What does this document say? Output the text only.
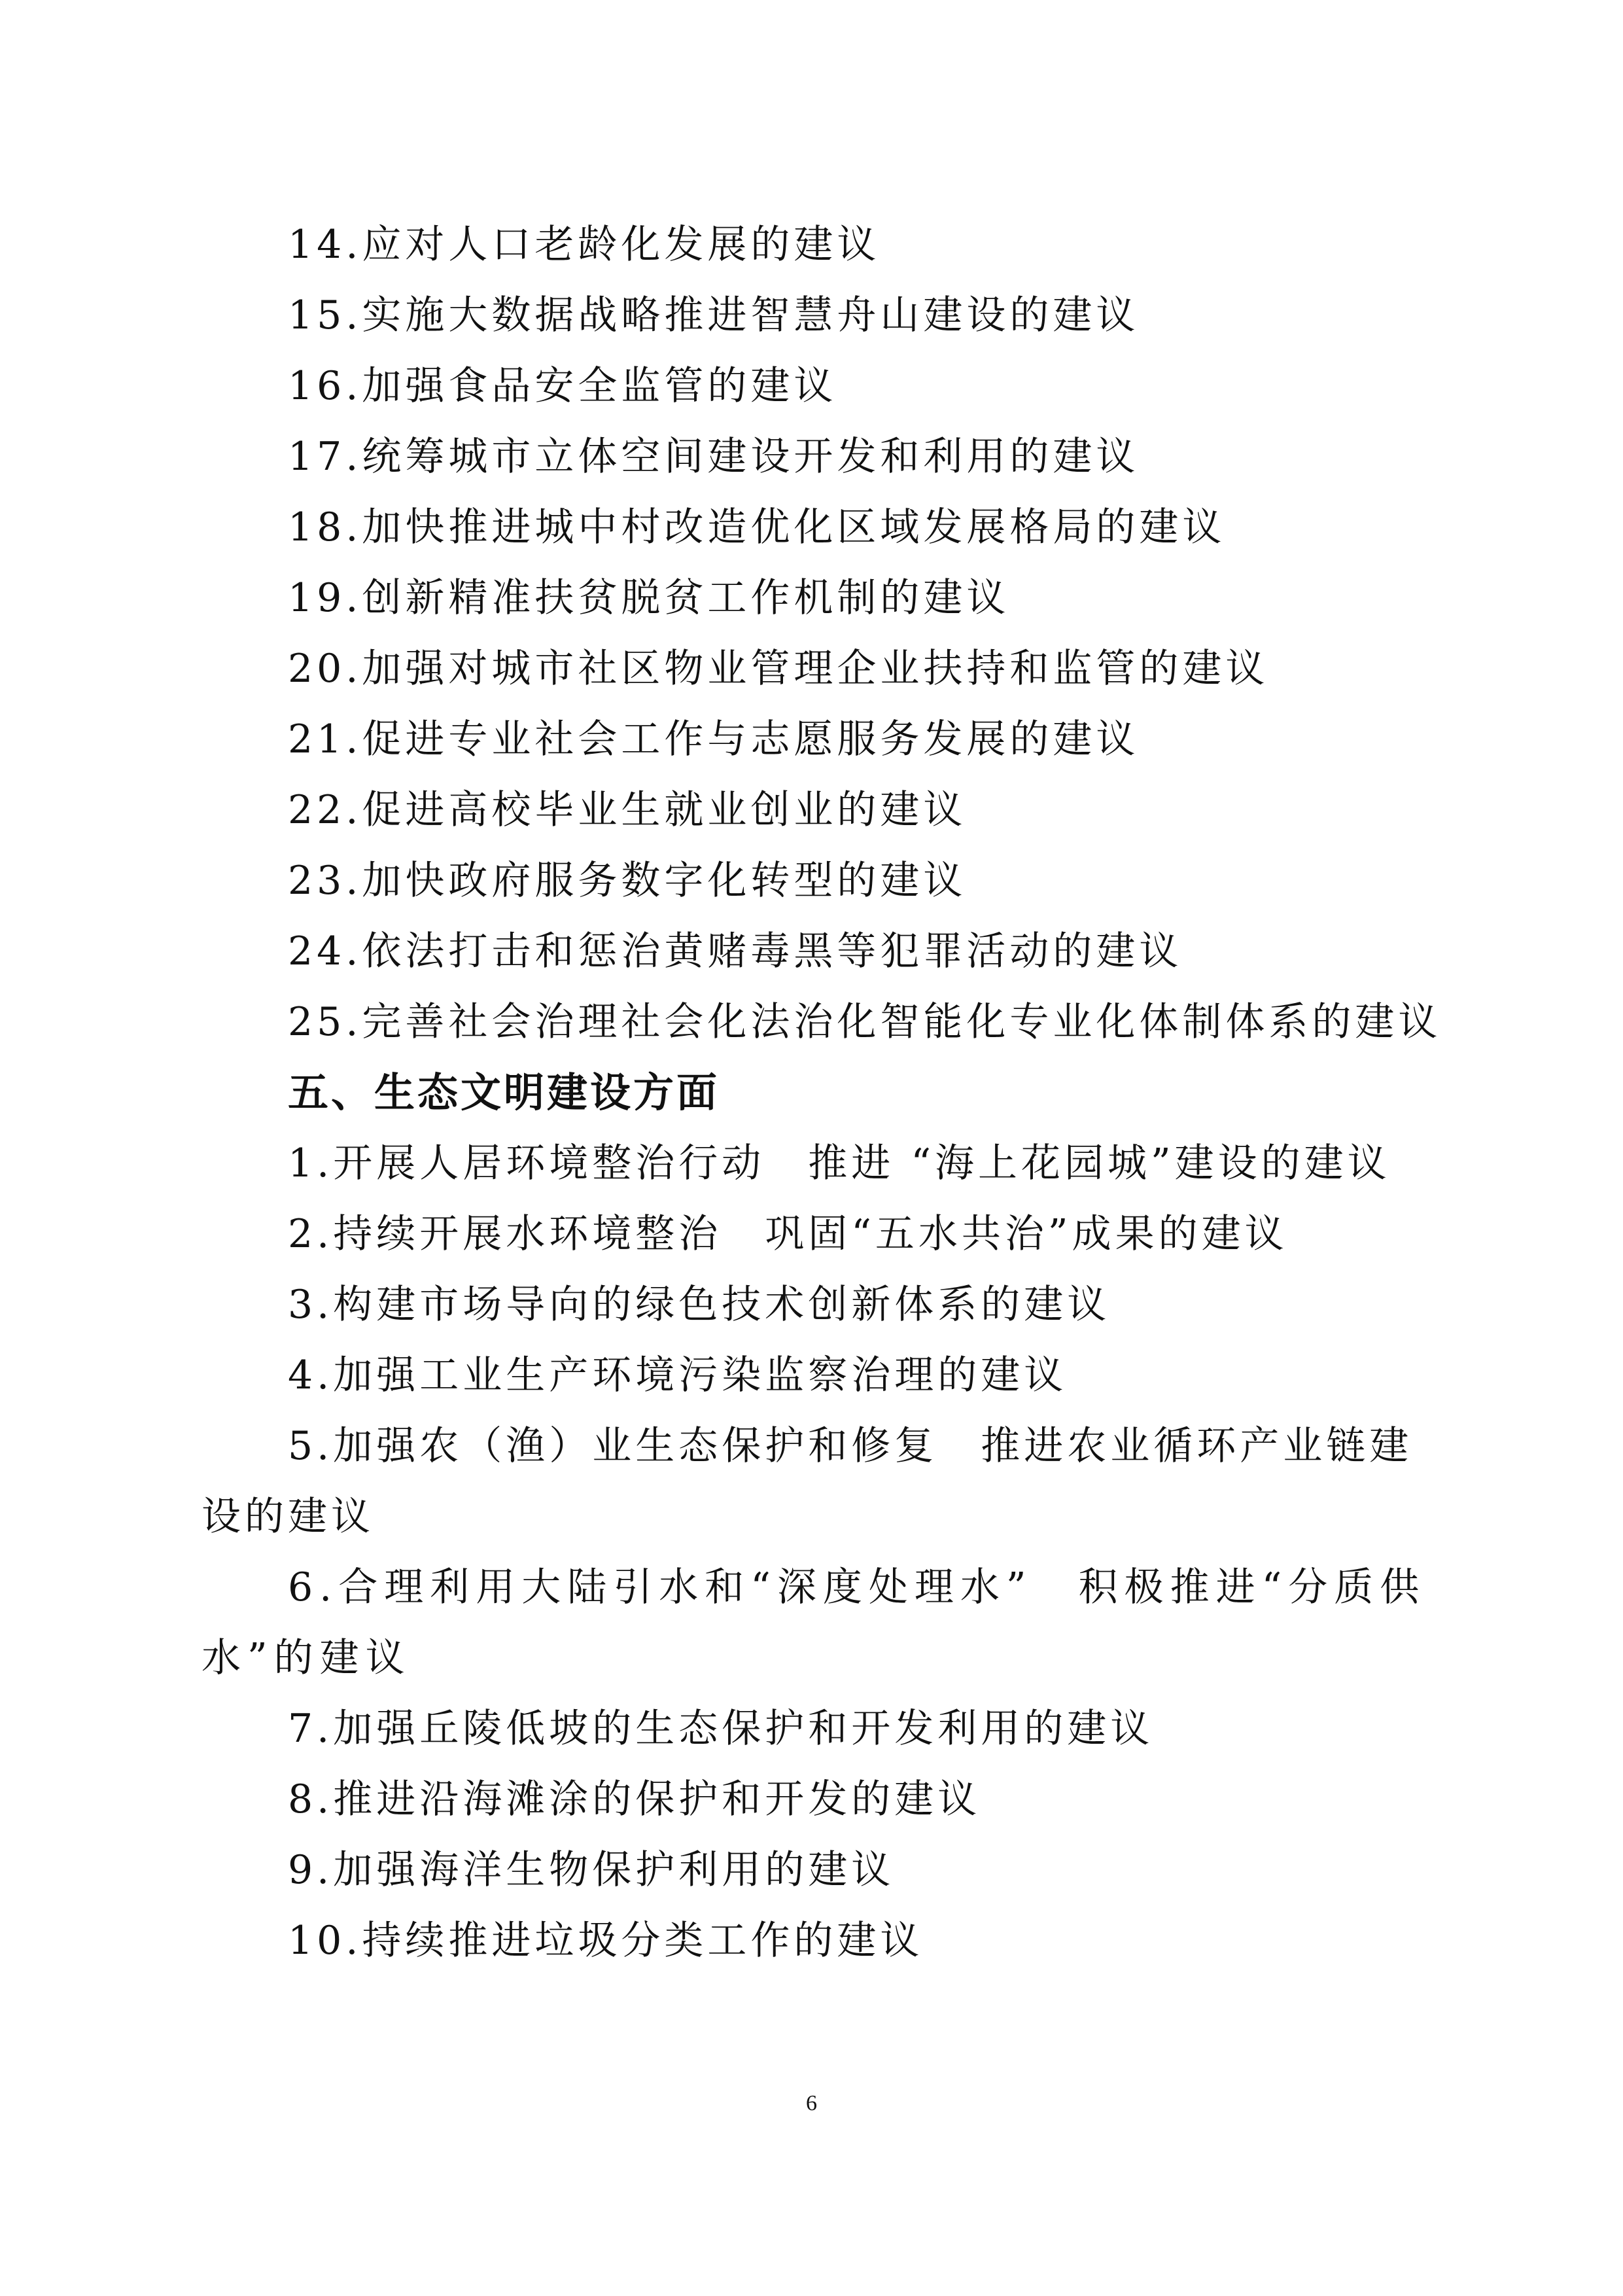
14.应对人口老龄化发展的建议
15.实施大数据战略推进智慧舟山建设的建议
16.加强食品安全监管的建议
17.统筹城市立体空间建设开发和利用的建议
18.加快推进城中村改造优化区域发展格局的建议
19.创新精准扶贫脱贫工作机制的建议
20.加强对城市社区物业管理企业扶持和监管的建议
21.促进专业社会工作与志愿服务发展的建议
22.促进高校毕业生就业创业的建议
23.加快政府服务数字化转型的建议
24.依法打击和惩治黄赌毒黑等犯罪活动的建议
25.完善社会治理社会化法治化智能化专业化体制体系的建议
五、生态文明建设方面
1.开展人居环境整治行动　推进 “海上花园城”建设的建议
2.持续开展水环境整治　巩固“五水共治”成果的建议
3.构建市场导向的绿色技术创新体系的建议
4.加强工业生产环境污染监察治理的建议
5.加强农（渔）业生态保护和修复　推进农业循环产业链建设的建议
6.合理利用大陆引水和“深度处理水”　积极推进“分质供水”的建议
7.加强丘陵低坡的生态保护和开发利用的建议
8.推进沿海滩涂的保护和开发的建议
9.加强海洋生物保护利用的建议
10.持续推进垃圾分类工作的建议
6
